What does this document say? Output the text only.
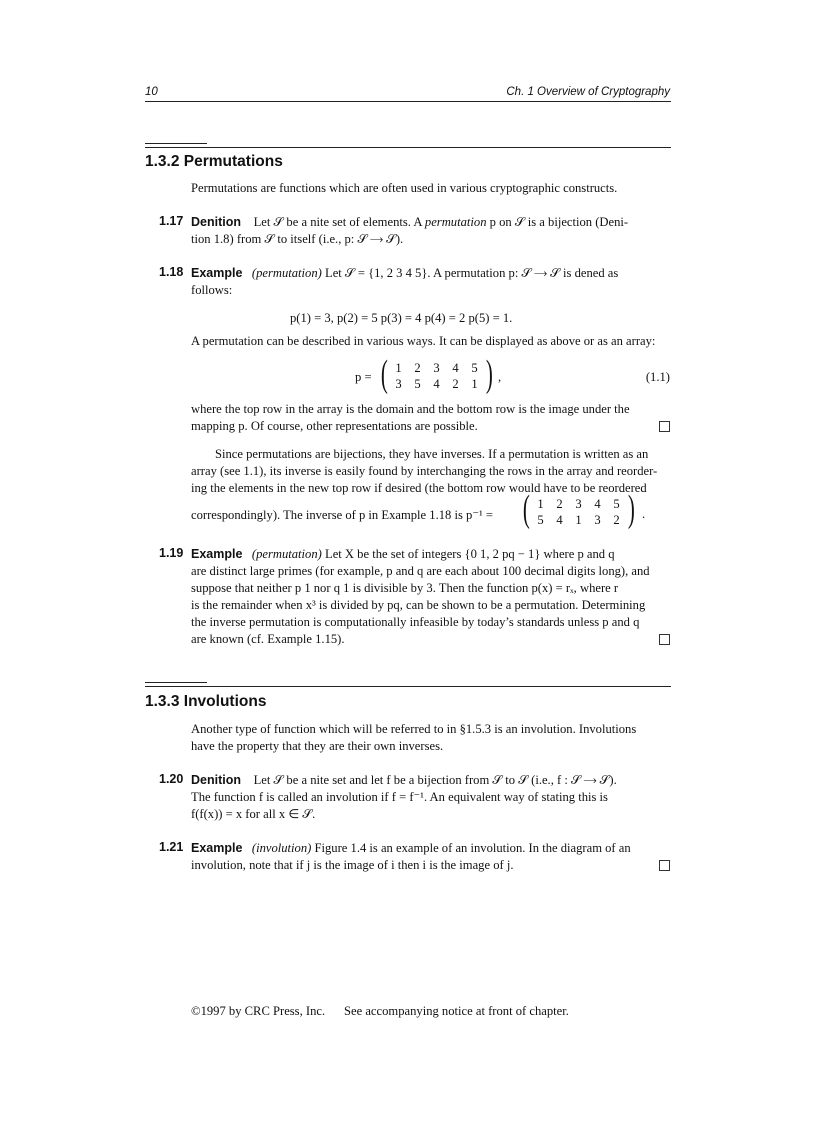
10	Ch. 1 Overview of Cryptography
1.3.2 Permutations
Permutations are functions which are often used in various cryptographic constructs.
1.17 Denition Let 𝒮 be a nite set of elements. A permutation p on 𝒮 is a bijection (Deni-
tion 1.8) from 𝒮 to itself (i.e., p: 𝒮 ⟶ 𝒮).
1.18 Example (permutation) Let 𝒮 = {1, 2 3 4 5}. A permutation p: 𝒮 ⟶ 𝒮 is dened as
follows:
p(1) = 3, p(2) = 5 p(3) = 4 p(4) = 2 p(5) = 1.
A permutation can be described in various ways. It can be displayed as above or as an array:
p = ( 1 2 3 4 5
3 5 4 2 1 ) ,	(1.1)
where the top row in the array is the domain and the bottom row is the image under the
mapping p. Of course, other representations are possible.
Since permutations are bijections, they have inverses. If a permutation is written as an
array (see 1.1), its inverse is easily found by interchanging the rows in the array and reorder-
ing the elements in the new top row if desired (the bottom row would have to be reordered
correspondingly). The inverse of p in Example 1.18 is p⁻¹ = ( 1 2 3 4 5
5 4 1 3 2 ) .
1.19 Example (permutation) Let X be the set of integers {0 1, 2 pq − 1} where p and q
are distinct large primes (for example, p and q are each about 100 decimal digits long), and
suppose that neither p 1 nor q 1 is divisible by 3. Then the function p(x) = rₓ, where r
is the remainder when x³ is divided by pq, can be shown to be a permutation. Determining
the inverse permutation is computationally infeasible by today’s standards unless p and q
are known (cf. Example 1.15).
1.3.3 Involutions
Another type of function which will be referred to in §1.5.3 is an involution. Involutions
have the property that they are their own inverses.
1.20 Denition Let 𝒮 be a nite set and let f be a bijection from 𝒮 to 𝒮 (i.e., f : 𝒮 ⟶ 𝒮).
The function f is called an involution if f = f⁻¹. An equivalent way of stating this is
f(f(x)) = x for all x ∈ 𝒮.
1.21 Example (involution) Figure 1.4 is an example of an involution. In the diagram of an
involution, note that if j is the image of i then i is the image of j.
©1997 by CRC Press, Inc. See accompanying notice at front of chapter.
